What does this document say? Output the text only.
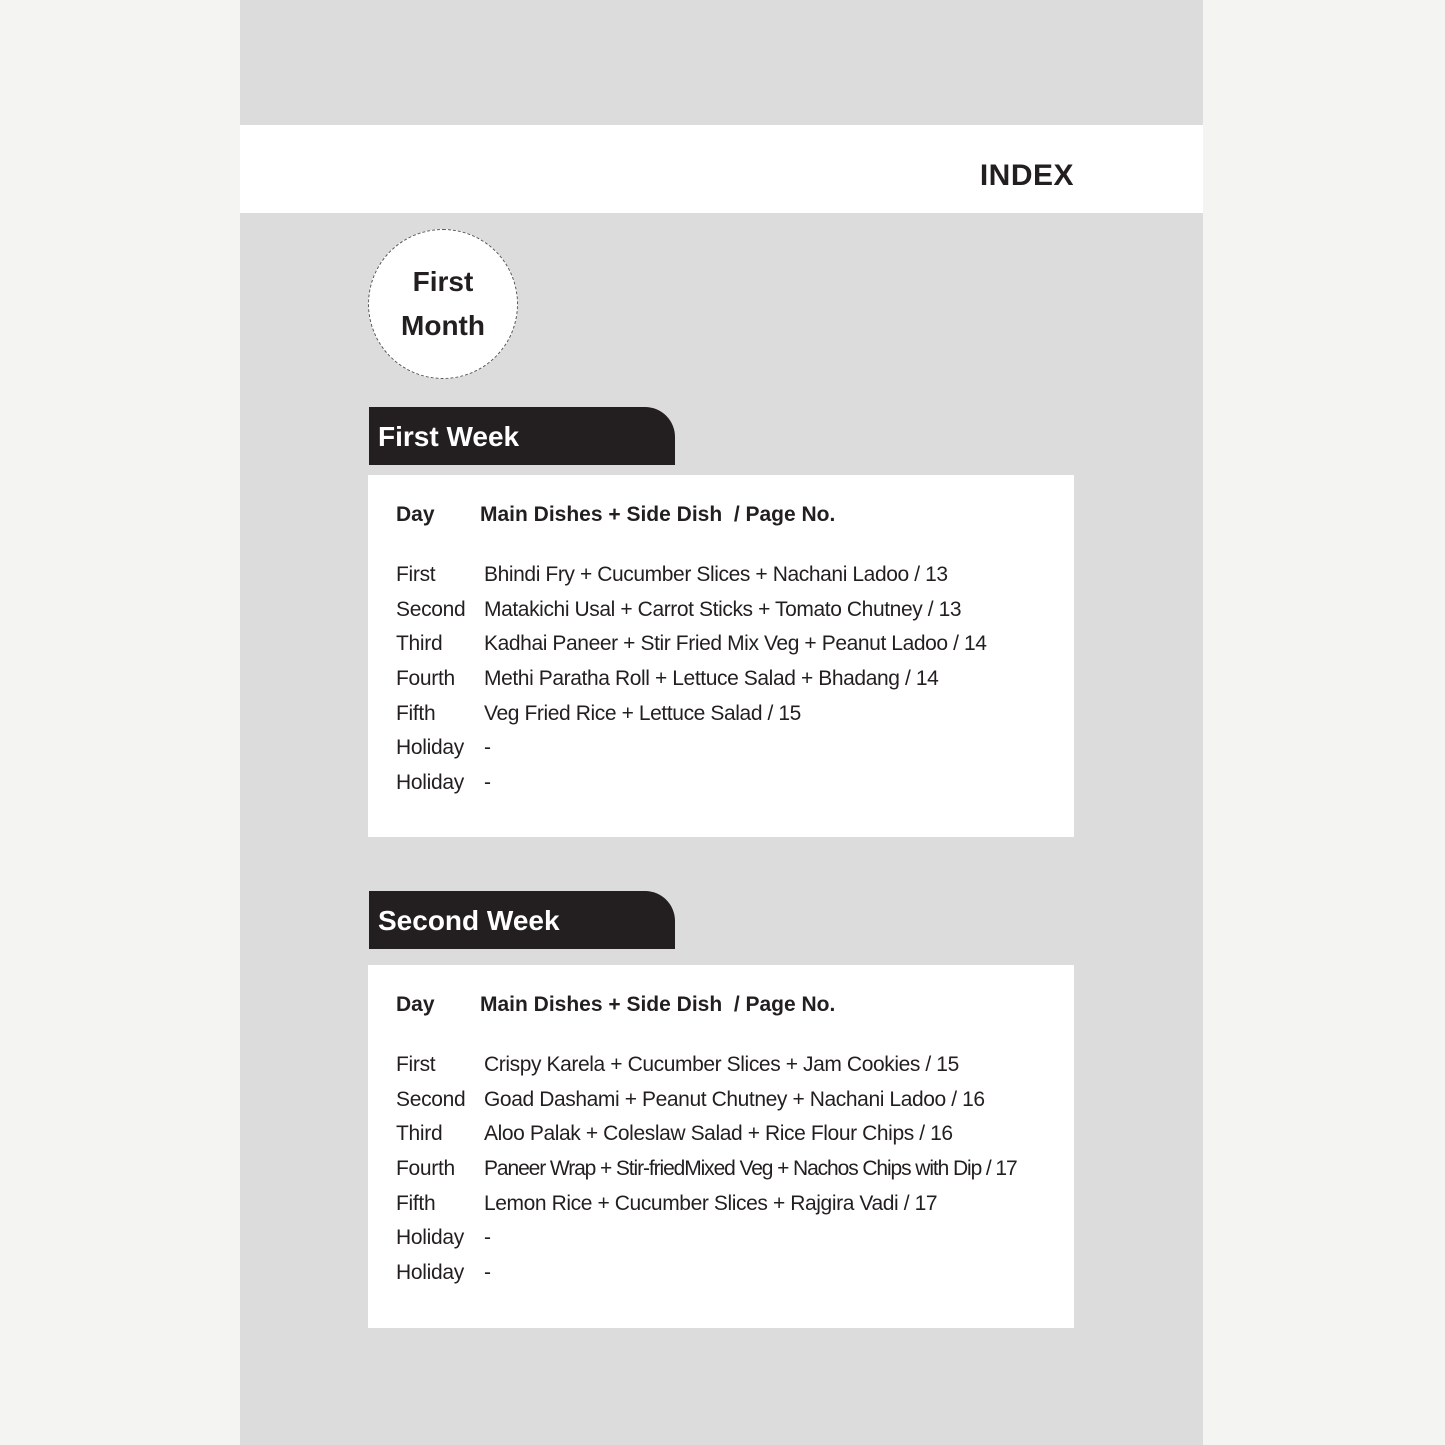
INDEX
First
Month
First Week
Day Main Dishes + Side Dish  / Page No.
First Bhindi Fry + Cucumber Slices + Nachani Ladoo / 13
Second Matakichi Usal + Carrot Sticks + Tomato Chutney / 13
Third Kadhai Paneer + Stir Fried Mix Veg + Peanut Ladoo / 14
Fourth Methi Paratha Roll + Lettuce Salad + Bhadang / 14
Fifth Veg Fried Rice + Lettuce Salad / 15
Holiday -
Holiday -
Second Week
Day Main Dishes + Side Dish  / Page No.
First Crispy Karela + Cucumber Slices + Jam Cookies / 15
Second Goad Dashami + Peanut Chutney + Nachani Ladoo / 16
Third Aloo Palak + Coleslaw Salad + Rice Flour Chips / 16
Fourth Paneer Wrap + Stir-friedMixed Veg + Nachos Chips with Dip / 17
Fifth Lemon Rice + Cucumber Slices + Rajgira Vadi / 17
Holiday -
Holiday -
